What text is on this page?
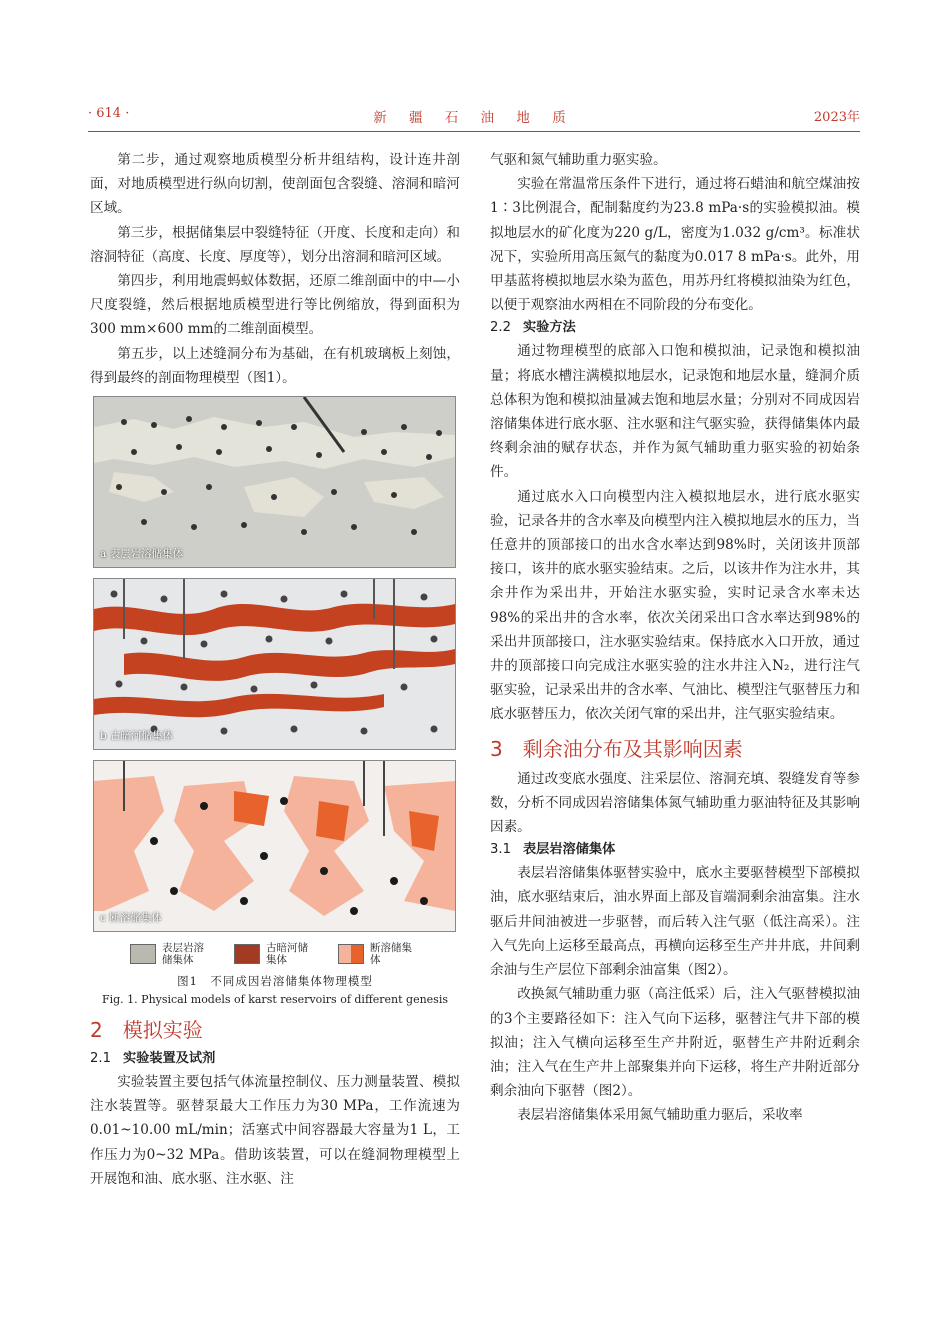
· 614 ·	新 疆 石 油 地 质	2023年

第二步，通过观察地质模型分析井组结构，设计连井剖面，对地质模型进行纵向切割，使剖面包含裂缝、溶洞和暗河区域。

第三步，根据储集层中裂缝特征（开度、长度和走向）和溶洞特征（高度、长度、厚度等），划分出溶洞和暗河区域。

第四步，利用地震蚂蚁体数据，还原二维剖面中的中—小尺度裂缝，然后根据地质模型进行等比例缩放，得到面积为300 mm×600 mm的二维剖面模型。

第五步，以上述缝洞分布为基础，在有机玻璃板上刻蚀，得到最终的剖面物理模型（图1）。

a 表层岩溶储集体
b 古暗河储集体
c 断溶储集体
表层岩溶储集体
古暗河储集体
断溶储集体
图1　不同成因岩溶储集体物理模型
Fig. 1. Physical models of karst reservoirs of different genesis
2　模拟实验
2.1 实验装置及试剂

实验装置主要包括气体流量控制仪、压力测量装置、模拟注水装置等。驱替泵最大工作压力为30 MPa，工作流速为0.01~10.00 mL/min；活塞式中间容器最大容量为1 L，工作压力为0~32 MPa。借助该装置，可以在缝洞物理模型上开展饱和油、底水驱、注水驱、注

气驱和氮气辅助重力驱实验。

实验在常温常压条件下进行，通过将石蜡油和航空煤油按1∶3比例混合，配制黏度约为23.8 mPa·s的实验模拟油。模拟地层水的矿化度为220 g/L，密度为1.032 g/cm³。标准状况下，实验所用高压氮气的黏度为0.017 8 mPa·s。此外，用甲基蓝将模拟地层水染为蓝色，用苏丹红将模拟油染为红色，以便于观察油水两相在不同阶段的分布变化。

2.2 实验方法

通过物理模型的底部入口饱和模拟油，记录饱和模拟油量；将底水槽注满模拟地层水，记录饱和地层水量，缝洞介质总体积为饱和模拟油量减去饱和地层水量；分别对不同成因岩溶储集体进行底水驱、注水驱和注气驱实验，获得储集体内最终剩余油的赋存状态，并作为氮气辅助重力驱实验的初始条件。

通过底水入口向模型内注入模拟地层水，进行底水驱实验，记录各井的含水率及向模型内注入模拟地层水的压力，当任意井的顶部接口的出水含水率达到98%时，关闭该井顶部接口，该井的底水驱实验结束。之后，以该井作为注水井，其余井作为采出井，开始注水驱实验，实时记录含水率未达98%的采出井的含水率，依次关闭采出口含水率达到98%的采出井顶部接口，注水驱实验结束。保持底水入口开放，通过井的顶部接口向完成注水驱实验的注水井注入N₂，进行注气驱实验，记录采出井的含水率、气油比、模型注气驱替压力和底水驱替压力，依次关闭气窜的采出井，注气驱实验结束。

3　剩余油分布及其影响因素

通过改变底水强度、注采层位、溶洞充填、裂缝发育等参数，分析不同成因岩溶储集体氮气辅助重力驱油特征及其影响因素。

3.1 表层岩溶储集体

表层岩溶储集体驱替实验中，底水主要驱替模型下部模拟油，底水驱结束后，油水界面上部及盲端洞剩余油富集。注水驱后井间油被进一步驱替，而后转入注气驱（低注高采）。注入气先向上运移至最高点，再横向运移至生产井井底，井间剩余油与生产层位下部剩余油富集（图2）。

改换氮气辅助重力驱（高注低采）后，注入气驱替模拟油的3个主要路径如下：注入气向下运移，驱替注气井下部的模拟油；注入气横向运移至生产井附近，驱替生产井附近剩余油；注入气在生产井上部聚集并向下运移，将生产井附近部分剩余油向下驱替（图2）。

表层岩溶储集体采用氮气辅助重力驱后，采收率
